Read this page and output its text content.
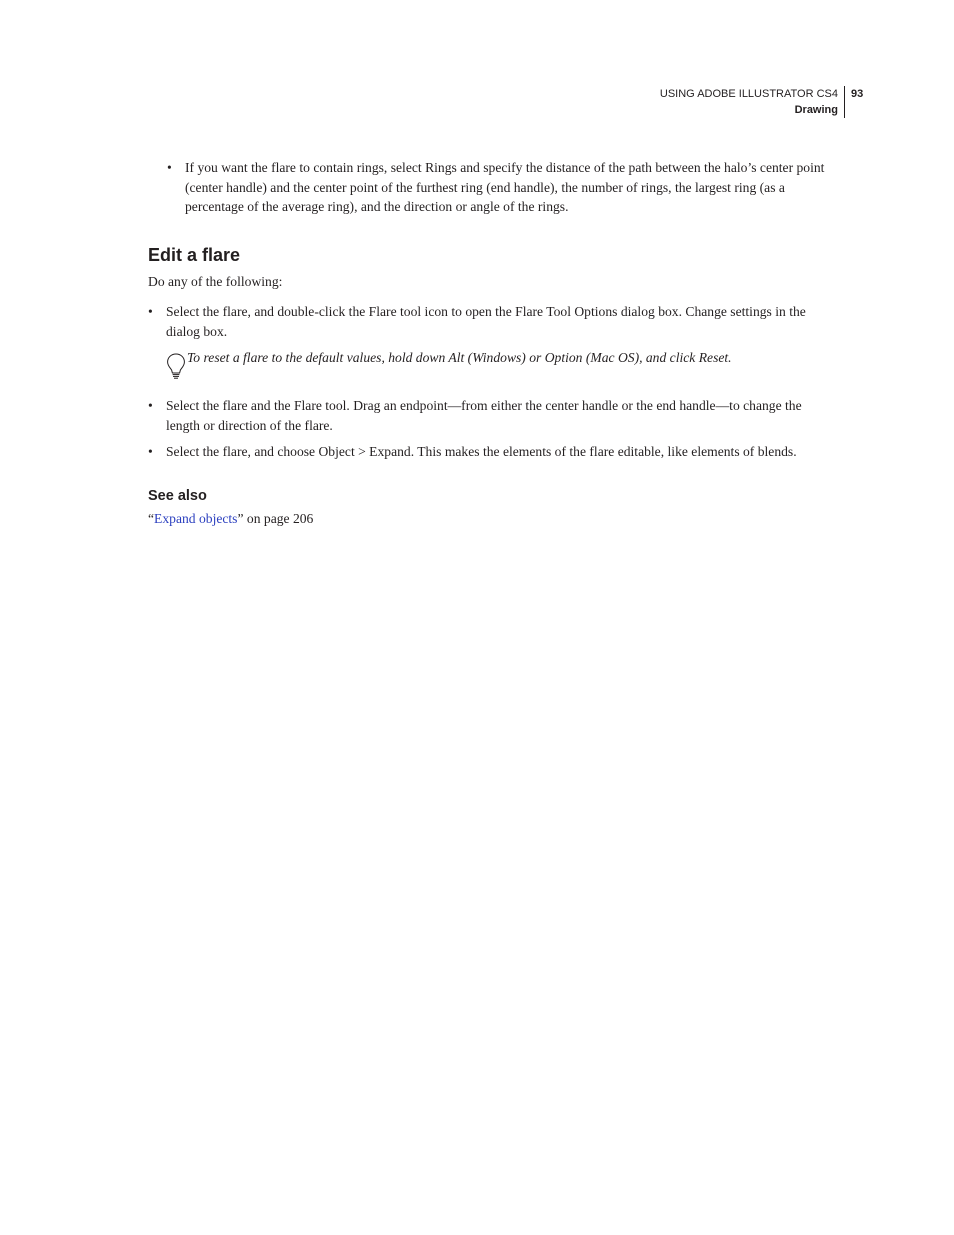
USING ADOBE ILLUSTRATOR CS4
Drawing
93
• If you want the flare to contain rings, select Rings and specify the distance of the path between the halo’s center point (center handle) and the center point of the furthest ring (end handle), the number of rings, the largest ring (as a percentage of the average ring), and the direction or angle of the rings.
Edit a flare
Do any of the following:
• Select the flare, and double-click the Flare tool icon to open the Flare Tool Options dialog box. Change settings in the dialog box.
To reset a flare to the default values, hold down Alt (Windows) or Option (Mac OS), and click Reset.
• Select the flare and the Flare tool. Drag an endpoint—from either the center handle or the end handle—to change the length or direction of the flare.
• Select the flare, and choose Object > Expand. This makes the elements of the flare editable, like elements of blends.
See also
“Expand objects” on page 206
